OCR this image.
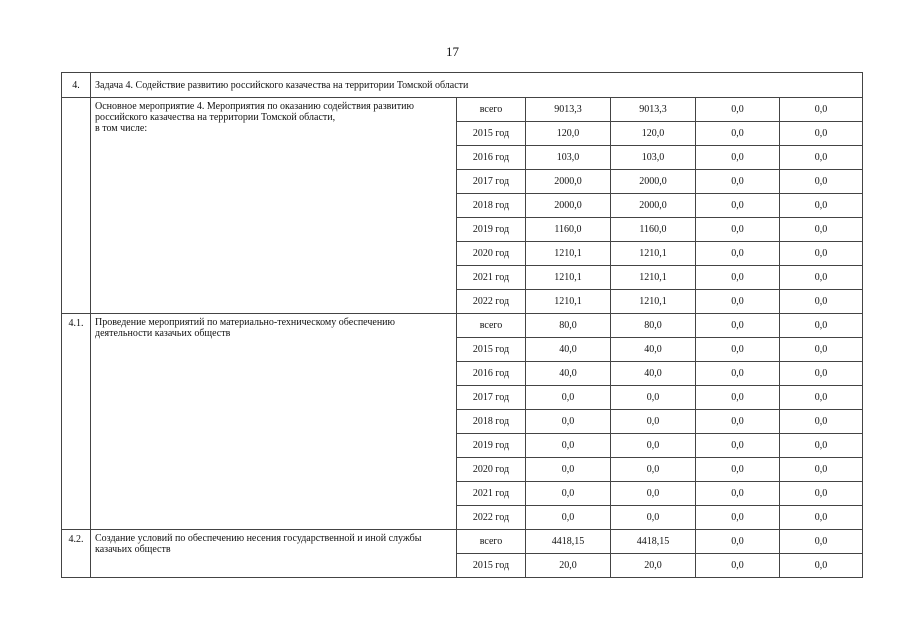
17
4.	Задача 4. Содействие развитию российского казачества на территории Томской области					

	Основное мероприятие 4. Мероприятия по оказанию содействия развитию
российского казачества на территории Томской области,
в том числе:	всего	9013,3	9013,3	0,0	0,0
		2015 год	120,0	120,0	0,0	0,0
		2016 год	103,0	103,0	0,0	0,0
		2017 год	2000,0	2000,0	0,0	0,0
		2018 год	2000,0	2000,0	0,0	0,0
		2019 год	1160,0	1160,0	0,0	0,0
		2020 год	1210,1	1210,1	0,0	0,0
		2021 год	1210,1	1210,1	0,0	0,0
		2022 год	1210,1	1210,1	0,0	0,0
4.1.	Проведение мероприятий по материально-техническому обеспечению
деятельности казачьих обществ	всего	80,0	80,0	0,0	0,0
		2015 год	40,0	40,0	0,0	0,0
		2016 год	40,0	40,0	0,0	0,0
		2017 год	0,0	0,0	0,0	0,0
		2018 год	0,0	0,0	0,0	0,0
		2019 год	0,0	0,0	0,0	0,0
		2020 год	0,0	0,0	0,0	0,0
		2021 год	0,0	0,0	0,0	0,0
		2022 год	0,0	0,0	0,0	0,0
4.2.	Создание условий по обеспечению несения государственной и иной службы
казачьих обществ	всего	4418,15	4418,15	0,0	0,0
		2015 год	20,0	20,0	0,0	0,0
